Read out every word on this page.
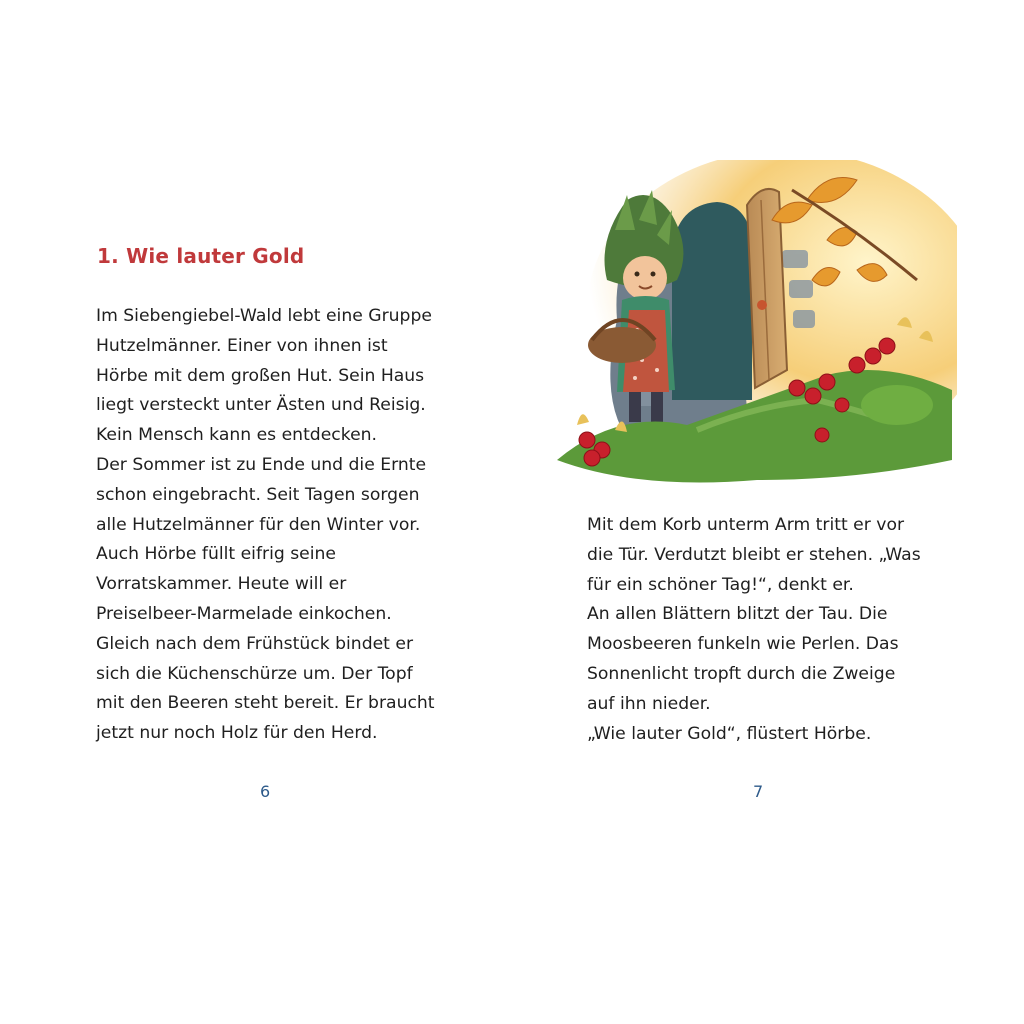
1. Wie lauter Gold
Im Siebengiebel-Wald lebt eine Gruppe
Hutzelmänner. Einer von ihnen ist
Hörbe mit dem großen Hut. Sein Haus
liegt versteckt unter Ästen und Reisig.
Kein Mensch kann es entdecken.
Der Sommer ist zu Ende und die Ernte
schon eingebracht. Seit Tagen sorgen
alle Hutzelmänner für den Winter vor.
Auch Hörbe füllt eifrig seine
Vorratskammer. Heute will er
Preiselbeer-Marmelade einkochen.
Gleich nach dem Frühstück bindet er
sich die Küchenschürze um. Der Topf
mit den Beeren steht bereit. Er braucht
jetzt nur noch Holz für den Herd.
6
Mit dem Korb unterm Arm tritt er vor
die Tür. Verdutzt bleibt er stehen. „Was
für ein schöner Tag!“, denkt er.
An allen Blättern blitzt der Tau. Die
Moosbeeren funkeln wie Perlen. Das
Sonnenlicht tropft durch die Zweige
auf ihn nieder.
„Wie lauter Gold“, flüstert Hörbe.
7
